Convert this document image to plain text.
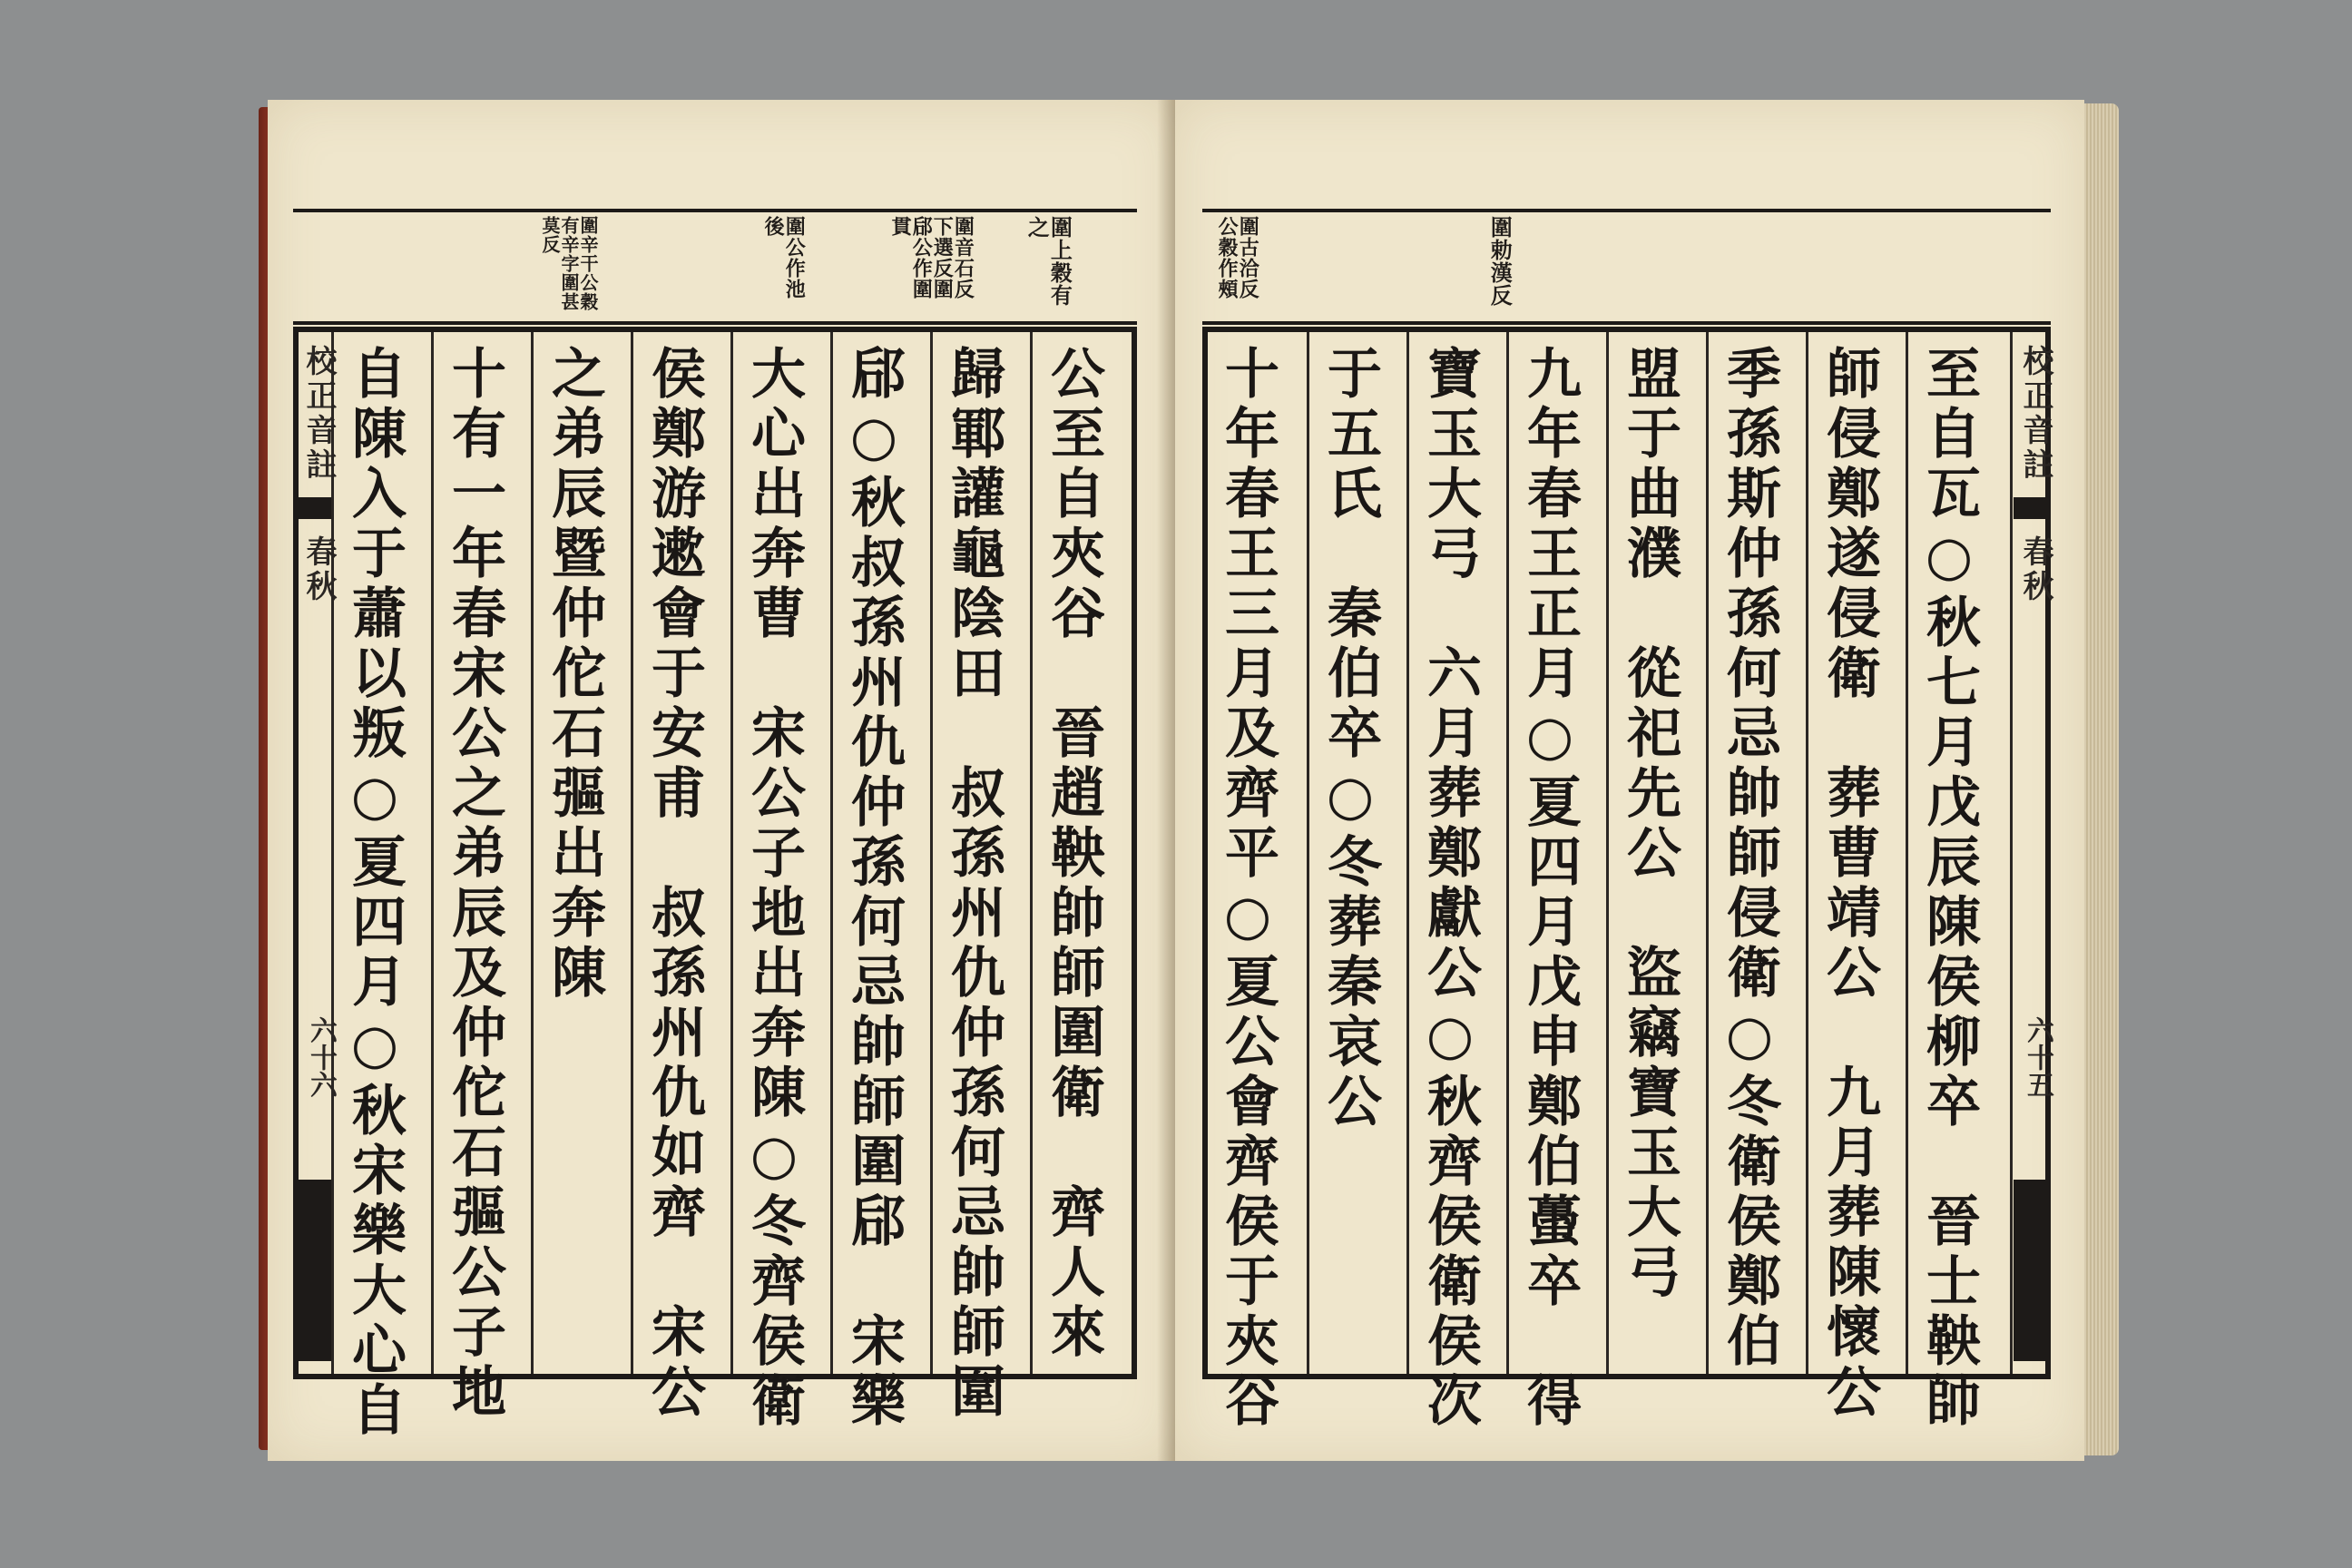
圍上穀有之
圍音石反下選反圍郈公作圍貫
圍公作池後
圍辛干公穀有辛字圍甚莫反
校正音註
春秋
六十六	公至自夾谷　晉趙鞅帥師圍衛　齊人來
歸鄆讙龜陰田　叔孫州仇仲孫何忌帥師圍
郈○秋叔孫州仇仲孫何忌帥師圍郈　宋樂
大心出奔曹　宋公子地出奔陳○冬齊侯衛
侯鄭游遬會于安甫　叔孫州仇如齊　宋公
之弟辰暨仲佗石彄出奔陳
十有一年春宋公之弟辰及仲佗石彄公子地
自陳入于蕭以叛○夏四月○秋宋樂大心自
圍勅漢反
圍古洽反公穀作頰
校正音註
春秋
六十五
至自瓦○秋七月戊辰陳侯柳卒　晉士鞅帥
師侵鄭遂侵衛　葬曹靖公　九月葬陳懷公
季孫斯仲孫何忌帥師侵衛○冬衛侯鄭伯
盟于曲濮　從祀先公　盜竊寶玉大弓
九年春王正月○夏四月戊申鄭伯蠆卒　得
寶玉大弓　六月葬鄭獻公○秋齊侯衛侯次
于五氏　秦伯卒○冬葬秦哀公
十年春王三月及齊平○夏公會齊侯于夾谷
